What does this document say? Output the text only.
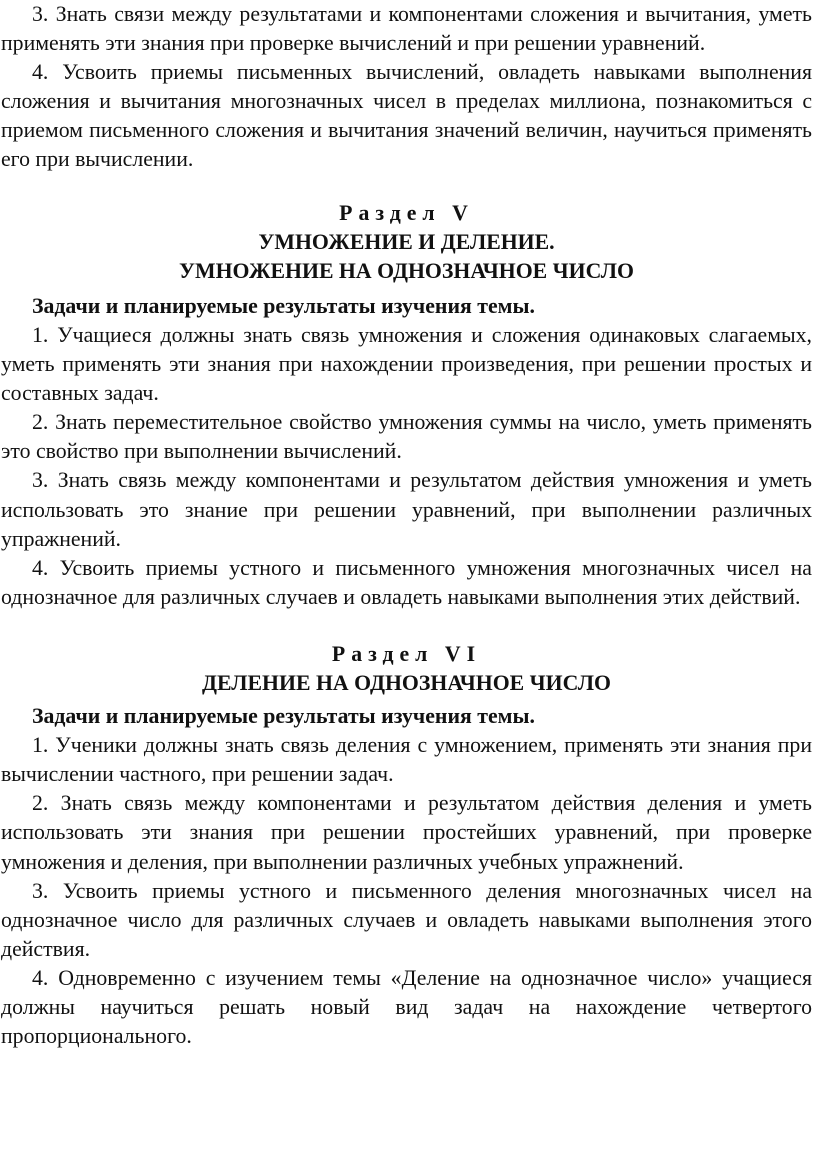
3. Знать связи между результатами и компонентами сложения и вычитания, уметь применять эти знания при проверке вычислений и при решении уравнений.

4. Усвоить приемы письменных вычислений, овладеть навыками выполнения сложения и вычитания многозначных чисел в пределах миллиона, познакомиться с приемом письменного сложения и вычитания значений величин, научиться применять его при вычислении.

Раздел V
УМНОЖЕНИЕ И ДЕЛЕНИЕ.
УМНОЖЕНИЕ НА ОДНОЗНАЧНОЕ ЧИСЛО

Задачи и планируемые результаты изучения темы.

1. Учащиеся должны знать связь умножения и сложения одинаковых слагаемых, уметь применять эти знания при нахождении произведения, при решении простых и составных задач.

2. Знать переместительное свойство умножения суммы на число, уметь применять это свойство при выполнении вычислений.

3. Знать связь между компонентами и результатом действия умножения и уметь использовать это знание при решении уравнений, при выполнении различных упражнений.

4. Усвоить приемы устного и письменного умножения многозначных чисел на однозначное для различных случаев и овладеть навыками выполнения этих действий.

Раздел VI
ДЕЛЕНИЕ НА ОДНОЗНАЧНОЕ ЧИСЛО

Задачи и планируемые результаты изучения темы.

1. Ученики должны знать связь деления с умножением, применять эти знания при вычислении частного, при решении задач.

2. Знать связь между компонентами и результатом действия деления и уметь использовать эти знания при решении простейших уравнений, при проверке умножения и деления, при выполнении различных учебных упражнений.

3. Усвоить приемы устного и письменного деления многозначных чисел на однозначное число для различных случаев и овладеть навыками выполнения этого действия.

4. Одновременно с изучением темы «Деление на однозначное число» учащиеся должны научиться решать новый вид задач на нахождение четвертого пропорционального.
